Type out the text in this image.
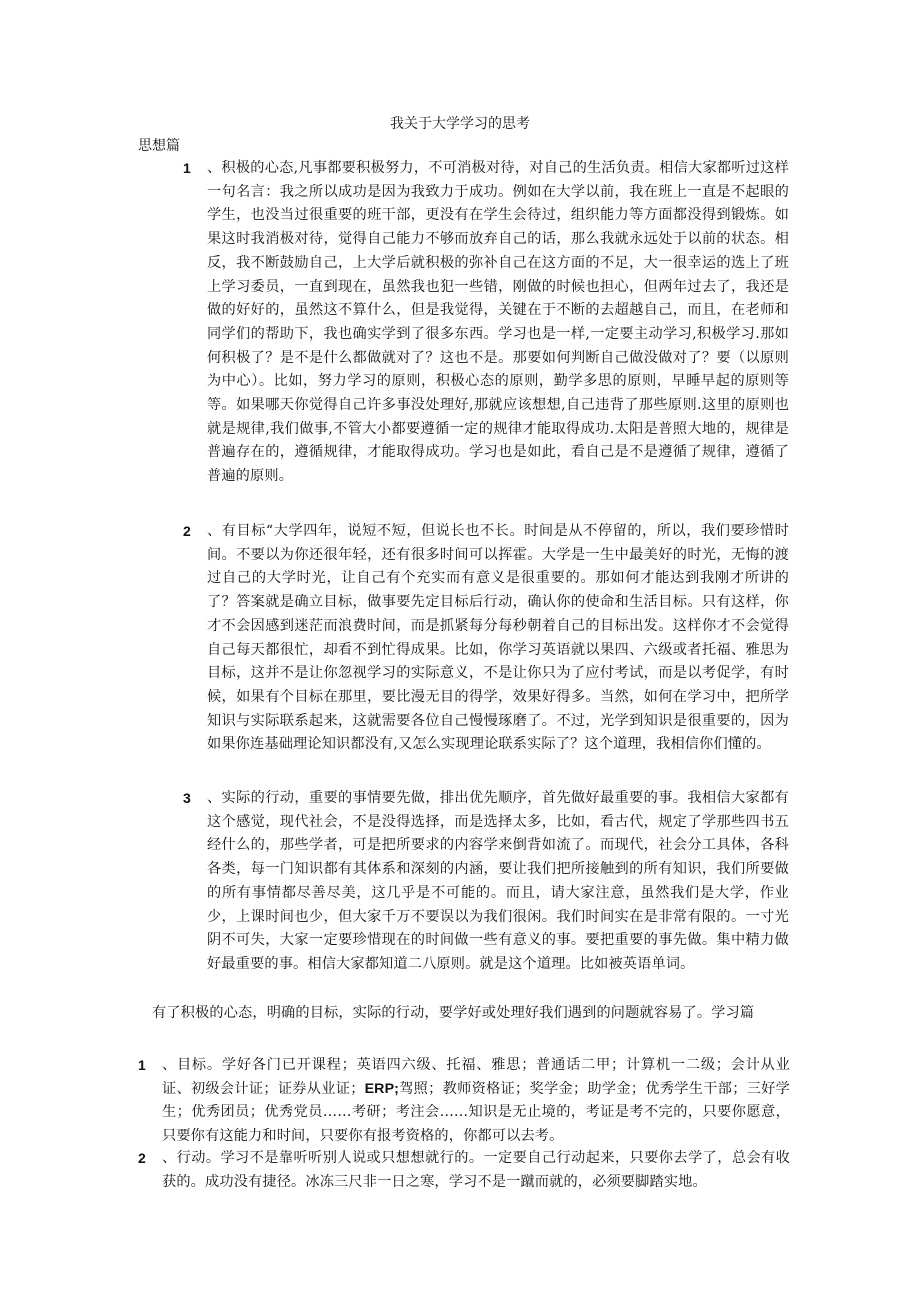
我关于大学学习的思考
思想篇
1 、积极的心态,凡事都要积极努力，不可消极对待，对自己的生活负责。相信大家都听过这样一句名言：我之所以成功是因为我致力于成功。例如在大学以前，我在班上一直是不起眼的学生，也没当过很重要的班干部，更没有在学生会待过，组织能力等方面都没得到锻炼。如果这时我消极对待，觉得自己能力不够而放弃自己的话，那么我就永远处于以前的状态。相反，我不断鼓励自己，上大学后就积极的弥补自己在这方面的不足，大一很幸运的选上了班上学习委员，一直到现在，虽然我也犯一些错，刚做的时候也担心，但两年过去了，我还是做的好好的，虽然这不算什么，但是我觉得，关键在于不断的去超越自己，而且，在老师和同学们的帮助下，我也确实学到了很多东西。学习也是一样,一定要主动学习,积极学习.那如何积极了？是不是什么都做就对了？这也不是。那要如何判断自己做没做对了？要（以原则为中心）。比如，努力学习的原则，积极心态的原则，勤学多思的原则，早睡早起的原则等等。如果哪天你觉得自己许多事没处理好,那就应该想想,自己违背了那些原则.这里的原则也就是规律,我们做事,不管大小都要遵循一定的规律才能取得成功.太阳是普照大地的，规律是普遍存在的，遵循规律，才能取得成功。学习也是如此，看自己是不是遵循了规律，遵循了普遍的原则。
2 、有目标“大学四年，说短不短，但说长也不长。时间是从不停留的，所以，我们要珍惜时间。不要以为你还很年轻，还有很多时间可以挥霍。大学是一生中最美好的时光，无悔的渡过自己的大学时光，让自己有个充实而有意义是很重要的。那如何才能达到我刚才所讲的了？答案就是确立目标，做事要先定目标后行动，确认你的使命和生活目标。只有这样，你才不会因感到迷茫而浪费时间，而是抓紧每分每秒朝着自己的目标出发。这样你才不会觉得自己每天都很忙，却看不到忙得成果。比如，你学习英语就以果四、六级或者托福、雅思为目标，这并不是让你忽视学习的实际意义，不是让你只为了应付考试，而是以考促学，有时候，如果有个目标在那里，要比漫无目的得学，效果好得多。当然，如何在学习中，把所学知识与实际联系起来，这就需要各位自己慢慢琢磨了。不过，光学到知识是很重要的，因为如果你连基础理论知识都没有,又怎么实现理论联系实际了？这个道理，我相信你们懂的。
3 、实际的行动，重要的事情要先做，排出优先顺序，首先做好最重要的事。我相信大家都有这个感觉，现代社会，不是没得选择，而是选择太多，比如，看古代，规定了学那些四书五经什么的，那些学者，可是把所要求的内容学来倒背如流了。而现代，社会分工具体，各科各类，每一门知识都有其体系和深刻的内涵，要让我们把所接触到的所有知识，我们所要做的所有事情都尽善尽美，这几乎是不可能的。而且，请大家注意，虽然我们是大学，作业少，上课时间也少，但大家千万不要误以为我们很闲。我们时间实在是非常有限的。一寸光阴不可失，大家一定要珍惜现在的时间做一些有意义的事。要把重要的事先做。集中精力做好最重要的事。相信大家都知道二八原则。就是这个道理。比如被英语单词。
有了积极的心态，明确的目标，实际的行动，要学好或处理好我们遇到的问题就容易了。学习篇
1 、目标。学好各门已开课程；英语四六级、托福、雅思；普通话二甲；计算机一二级；会计从业证、初级会计证；证券从业证；ERP;驾照；教师资格证；奖学金；助学金；优秀学生干部；三好学生；优秀团员；优秀党员……考研；考注会……知识是无止境的，考证是考不完的，只要你愿意，只要你有这能力和时间，只要你有报考资格的，你都可以去考。
2 、行动。学习不是靠听听别人说或只想想就行的。一定要自己行动起来，只要你去学了，总会有收获的。成功没有捷径。冰冻三尺非一日之寒，学习不是一蹴而就的，必须要脚踏实地。
